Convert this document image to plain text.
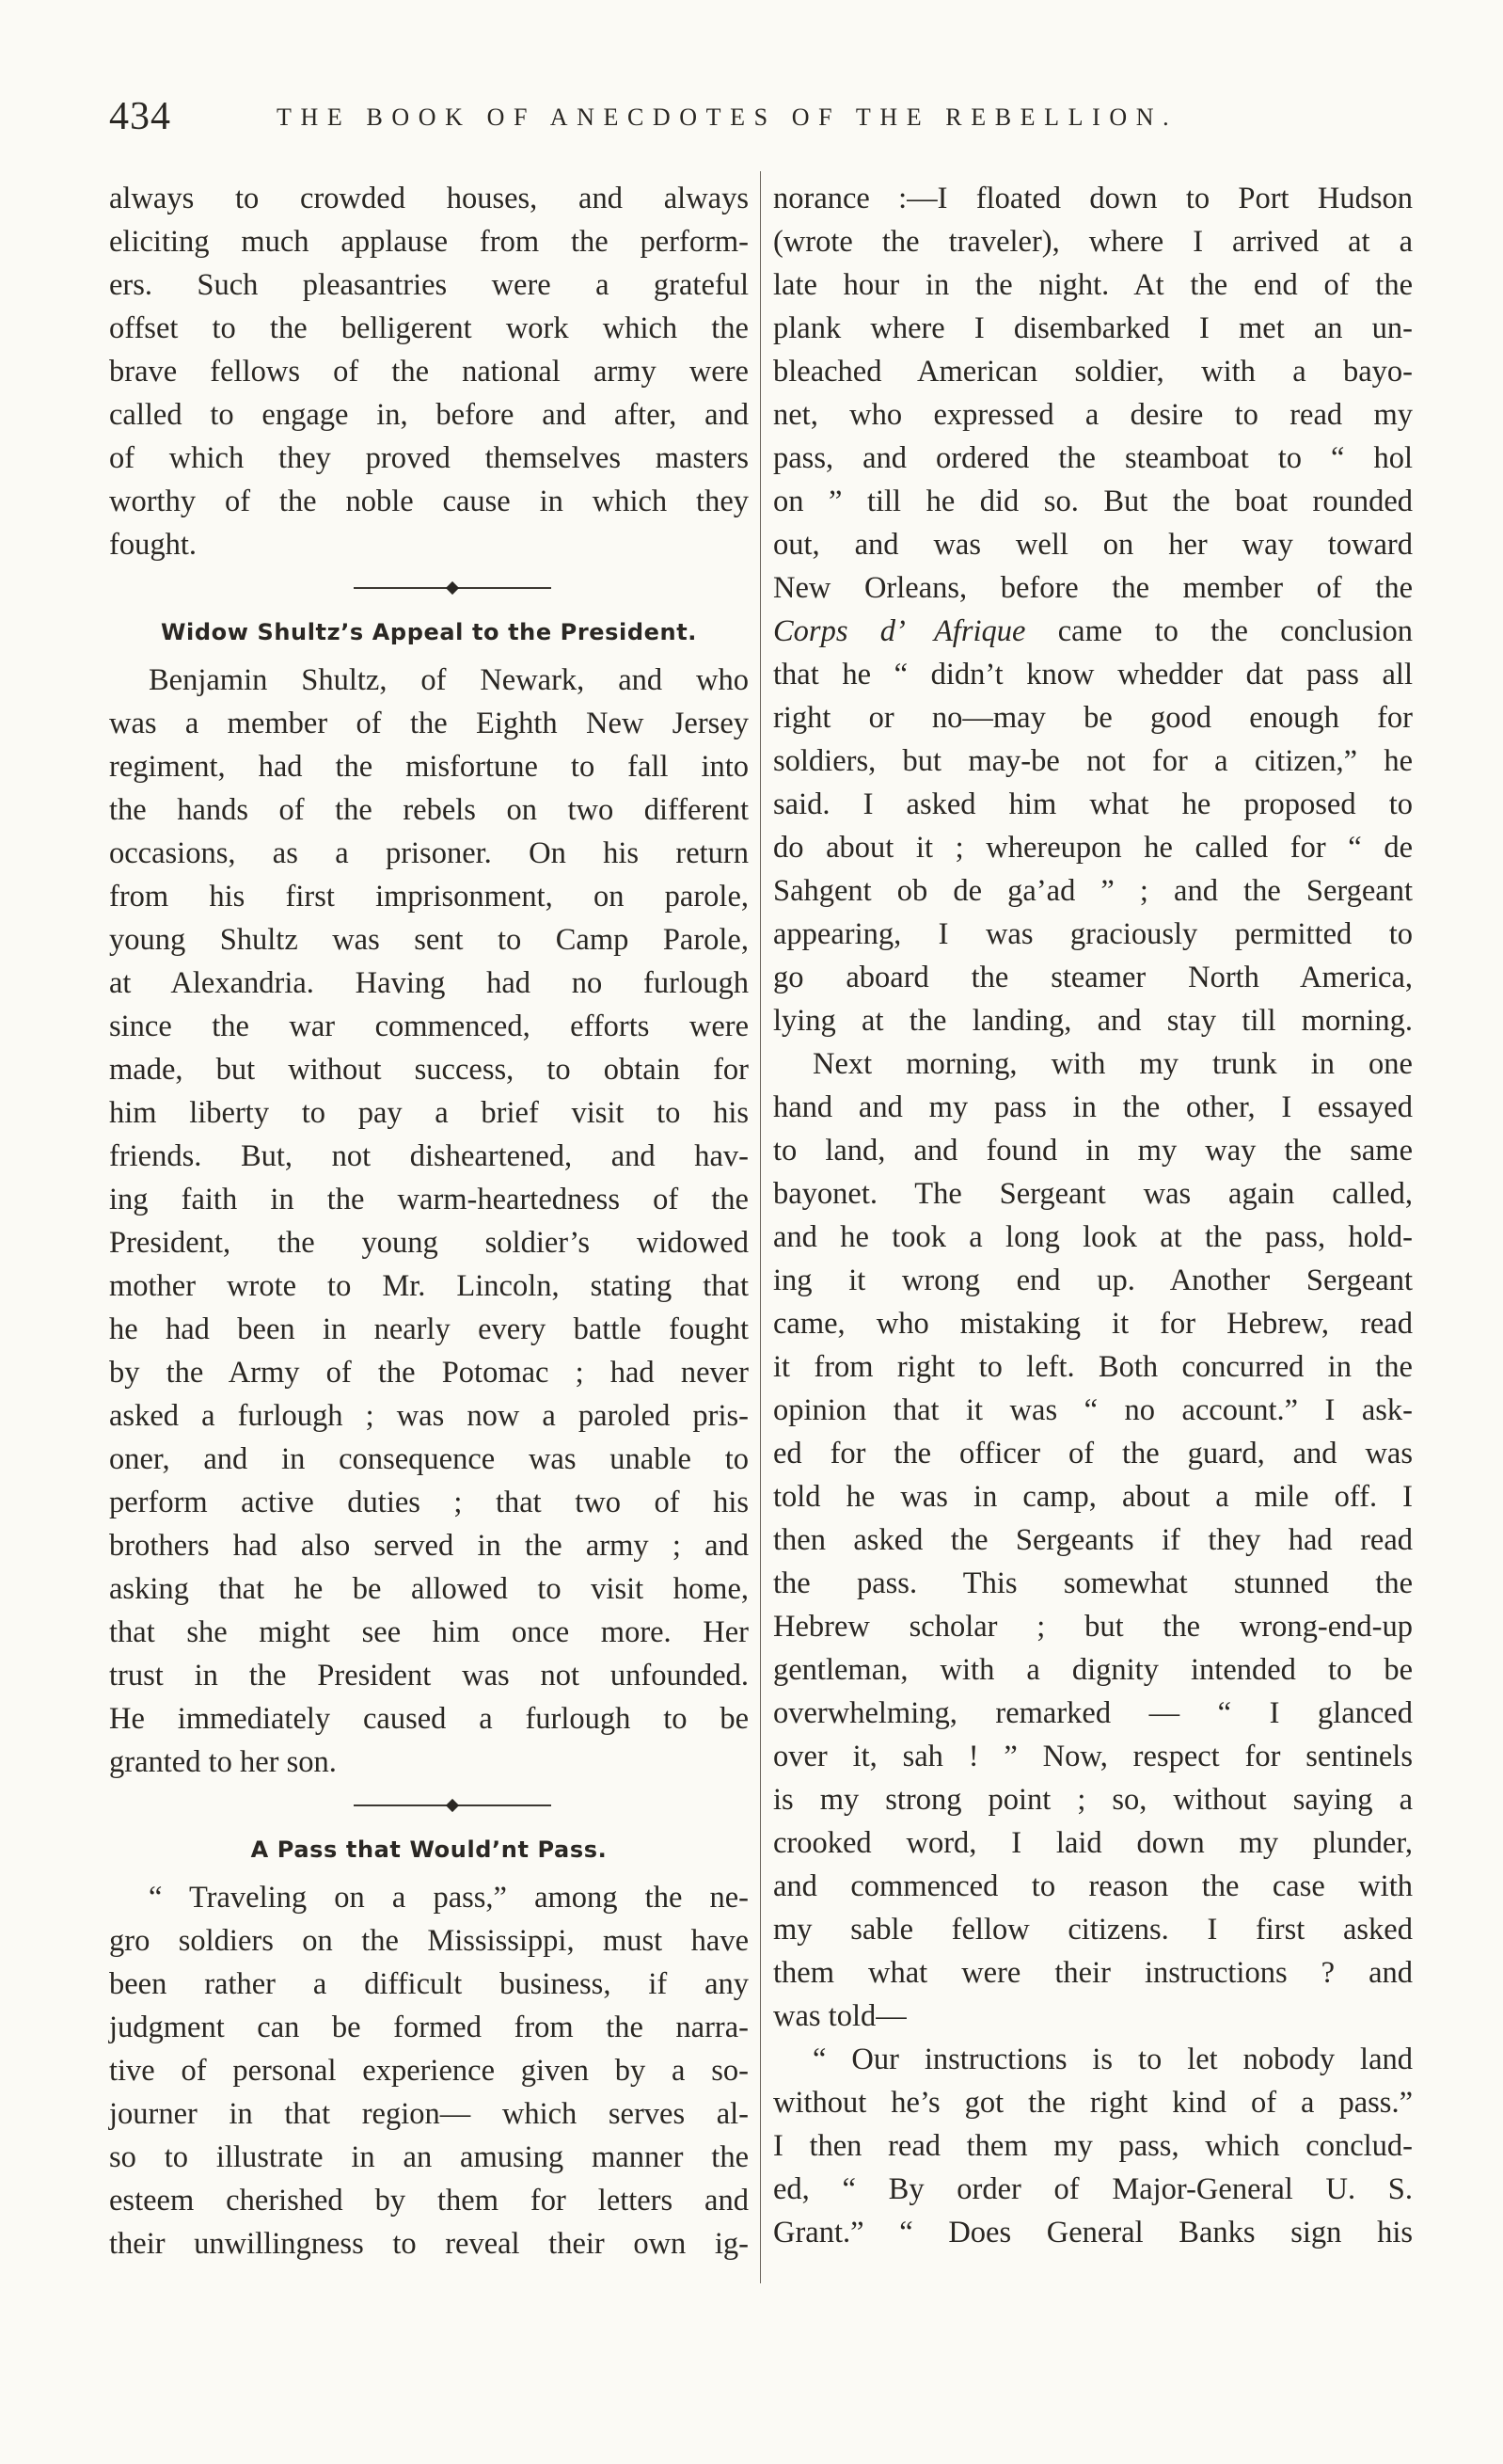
434	THE BOOK OF ANECDOTES OF THE REBELLION.
always to crowded houses, and always
eliciting much applause from the perform-
ers. Such pleasantries were a grateful
offset to the belligerent work which the
brave fellows of the national army were
called to engage in, before and after, and
of which they proved themselves masters
worthy of the noble cause in which they
fought.
Widow Shultz’s Appeal to the President.
Benjamin Shultz, of Newark, and who
was a member of the Eighth New Jersey
regiment, had the misfortune to fall into
the hands of the rebels on two different
occasions, as a prisoner. On his return
from his first imprisonment, on parole,
young Shultz was sent to Camp Parole,
at Alexandria. Having had no furlough
since the war commenced, efforts were
made, but without success, to obtain for
him liberty to pay a brief visit to his
friends. But, not disheartened, and hav-
ing faith in the warm-heartedness of the
President, the young soldier’s widowed
mother wrote to Mr. Lincoln, stating that
he had been in nearly every battle fought
by the Army of the Potomac ; had never
asked a furlough ; was now a paroled pris-
oner, and in consequence was unable to
perform active duties ; that two of his
brothers had also served in the army ; and
asking that he be allowed to visit home,
that she might see him once more. Her
trust in the President was not unfounded.
He immediately caused a furlough to be
granted to her son.
A Pass that Would’nt Pass.
“ Traveling on a pass,” among the ne-
gro soldiers on the Mississippi, must have
been rather a difficult business, if any
judgment can be formed from the narra-
tive of personal experience given by a so-
journer in that region— which serves al-
so to illustrate in an amusing manner the
esteem cherished by them for letters and
their unwillingness to reveal their own ig-
norance :—I floated down to Port Hudson
(wrote the traveler), where I arrived at a
late hour in the night. At the end of the
plank where I disembarked I met an un-
bleached American soldier, with a bayo-
net, who expressed a desire to read my
pass, and ordered the steamboat to “ hol
on ” till he did so. But the boat rounded
out, and was well on her way toward
New Orleans, before the member of the
Corps d’ Afrique came to the conclusion
that he “ didn’t know whedder dat pass all
right or no—may be good enough for
soldiers, but may-be not for a citizen,” he
said. I asked him what he proposed to
do about it ; whereupon he called for “ de
Sahgent ob de ga’ad ” ; and the Sergeant
appearing, I was graciously permitted to
go aboard the steamer North America,
lying at the landing, and stay till morning.
Next morning, with my trunk in one
hand and my pass in the other, I essayed
to land, and found in my way the same
bayonet. The Sergeant was again called,
and he took a long look at the pass, hold-
ing it wrong end up. Another Sergeant
came, who mistaking it for Hebrew, read
it from right to left. Both concurred in the
opinion that it was “ no account.” I ask-
ed for the officer of the guard, and was
told he was in camp, about a mile off. I
then asked the Sergeants if they had read
the pass. This somewhat stunned the
Hebrew scholar ; but the wrong-end-up
gentleman, with a dignity intended to be
overwhelming, remarked — “ I glanced
over it, sah ! ” Now, respect for sentinels
is my strong point ; so, without saying a
crooked word, I laid down my plunder,
and commenced to reason the case with
my sable fellow citizens. I first asked
them what were their instructions ? and
was told—
“ Our instructions is to let nobody land
without he’s got the right kind of a pass.”
I then read them my pass, which conclud-
ed, “ By order of Major-General U. S.
Grant.” “ Does General Banks sign his
